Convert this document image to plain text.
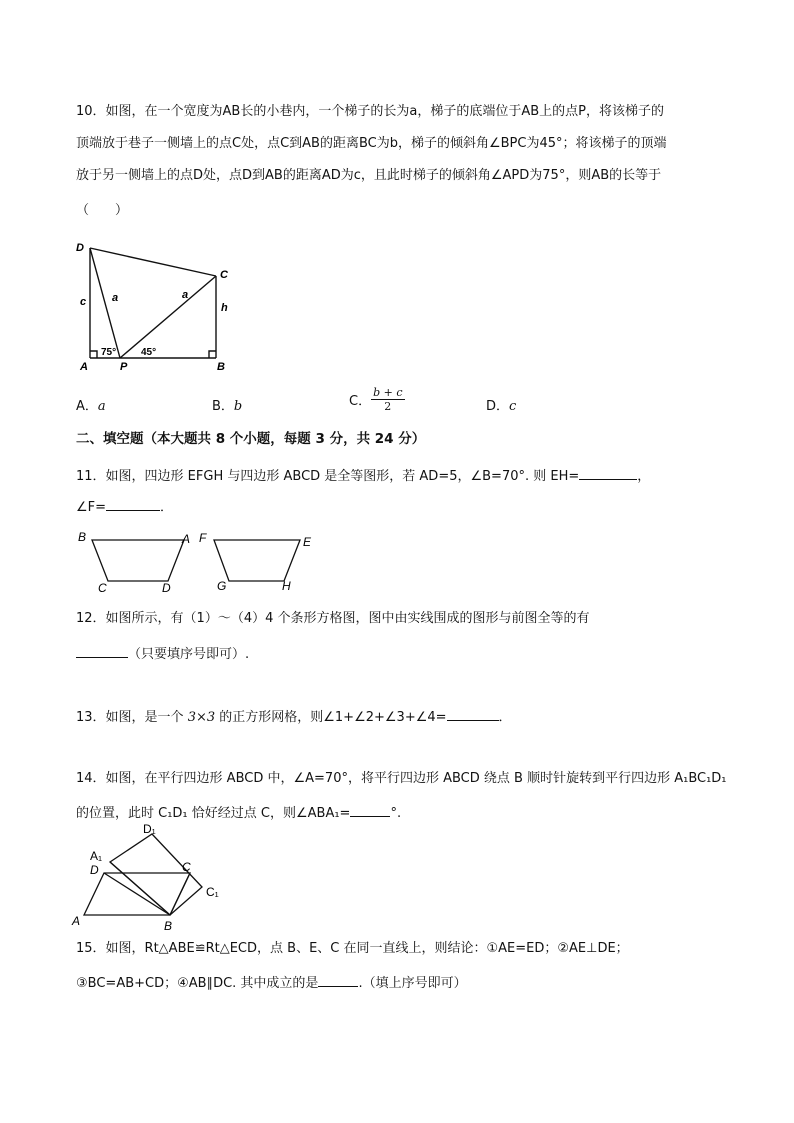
10．如图，在一个宽度为AB长的小巷内，一个梯子的长为a，梯子的底端位于AB上的点P，将该梯子的
顶端放于巷子一侧墙上的点C处，点C到AB的距离BC为b，梯子的倾斜角∠BPC为45°；将该梯子的顶端
放于另一侧墙上的点D处，点D到AB的距离AD为c，且此时梯子的倾斜角∠APD为75°，则AB的长等于
（　　）
D
C
A	B
P
c a	a
h
75° 45°
A．a	B．b	C． $\frac{b + c}{2}$	D．c
二、填空题（本大题共 8 个小题，每题 3 分，共 24 分）
11．如图，四边形 EFGH 与四边形 ABCD 是全等图形，若 AD=5，∠B=70°. 则 EH=	，
∠F=	．
B	A
C	D
F	E
G	H
12．如图所示，有（1）～（4）4 个条形方格图，图中由实线围成的图形与前图全等的有
（只要填序号即可）.
13．如图，是一个 3×3 的正方形网格，则∠1+∠2+∠3+∠4=	．
14．如图，在平行四边形 ABCD 中，∠A=70°，将平行四边形 ABCD 绕点 B 顺时针旋转到平行四边形 A₁BC₁D₁
的位置，此时 C₁D₁ 恰好经过点 C，则∠ABA₁=	°.
D₁
A₁
D	C
C₁
A	B
15．如图，Rt△ABE≌Rt△ECD，点 B、E、C 在同一直线上，则结论：①AE=ED；②AE⊥DE；
③BC=AB+CD；④AB∥DC. 其中成立的是	.（填上序号即可）
